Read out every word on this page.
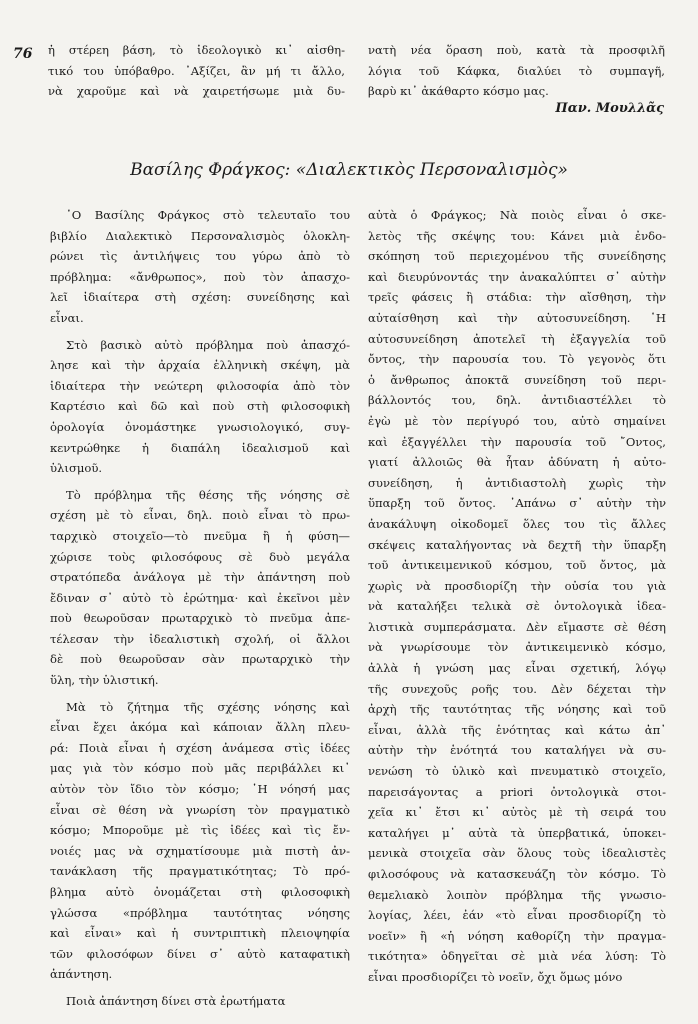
76 ἡ στέρεη βάση, τὸ ἰδεολογικὸ κι᾽ αἰσθη-
τικό του ὑπόβαθρο. ᾽Αξίζει, ἂν μή τι ἄλλο,
νὰ χαροῦμε καὶ νὰ χαιρετήσωμε μιὰ δυ-
νατὴ νέα ὅραση ποὺ, κατὰ τὰ προσφιλῆ
λόγια τοῦ Κάφκα, διαλύει τὸ συμπαγῆ,
βαρὺ κι᾽ ἀκάθαρτο κόσμο μας.
Παν. Μουλλᾶς
Βασίλης Φράγκος: «Διαλεκτικὸς Περσοναλισμὸς»

῾Ο Βασίλης Φράγκος στὸ τελευταῖο του
βιβλίο Διαλεκτικὸ Περσοναλισμὸς ὁλοκλη-
ρώνει τὶς ἀντιλήψεις του γύρω ἀπὸ τὸ
πρόβλημα: «ἄνθρωπος», ποὺ τὸν ἀπασχο-
λεῖ ἰδιαίτερα στὴ σχέση: συνείδησης καὶ
εἶναι.

Στὸ βασικὸ αὐτὸ πρόβλημα ποὺ ἀπασχό-
λησε καὶ τὴν ἀρχαία ἑλληνικὴ σκέψη, μὰ
ἰδιαίτερα τὴν νεώτερη φιλοσοφία ἀπὸ τὸν
Καρτέσιο καὶ δῶ καὶ ποὺ στὴ φιλοσοφικὴ
ὁρολογία ὀνομάστηκε γνωσιολογικό, συγ-
κεντρώθηκε ἡ διαπάλη ἰδεαλισμοῦ καὶ
ὑλισμοῦ.

Τὸ πρόβλημα τῆς θέσης τῆς νόησης σὲ
σχέση μὲ τὸ εἶναι, δηλ. ποιὸ εἶναι τὸ πρω-
ταρχικὸ στοιχεῖο—τὸ πνεῦμα ἢ ἡ φύση—
χώρισε τοὺς φιλοσόφους σὲ δυὸ μεγάλα
στρατόπεδα ἀνάλογα μὲ τὴν ἀπάντηση ποὺ
ἔδιναν σ᾽ αὐτὸ τὸ ἐρώτημα· καὶ ἐκεῖνοι μὲν
ποὺ θεωροῦσαν πρωταρχικὸ τὸ πνεῦμα ἀπε-
τέλεσαν τὴν ἰδεαλιστικὴ σχολή, οἱ ἄλλοι
δὲ ποὺ θεωροῦσαν σὰν πρωταρχικὸ τὴν
ὕλη, τὴν ὑλιστική.

Μὰ τὸ ζήτημα τῆς σχέσης νόησης καὶ
εἶναι ἔχει ἀκόμα καὶ κάποιαν ἄλλη πλευ-
ρά: Ποιὰ εἶναι ἡ σχέση ἀνάμεσα στὶς ἰδέες
μας γιὰ τὸν κόσμο ποὺ μᾶς περιβάλλει κι᾽
αὐτὸν τὸν ἴδιο τὸν κόσμο; ῾Η νόησή μας
εἶναι σὲ θέση νὰ γνωρίση τὸν πραγματικὸ
κόσμο; Μποροῦμε μὲ τὶς ἰδέες καὶ τὶς ἔν-
νοιές μας νὰ σχηματίσουμε μιὰ πιστὴ ἀν-
τανάκλαση τῆς πραγματικότητας; Τὸ πρό-
βλημα αὐτὸ ὀνομάζεται στὴ φιλοσοφικὴ
γλώσσα «πρόβλημα ταυτότητας νόησης
καὶ εἶναι» καὶ ἡ συντριπτικὴ πλειοψηφία
τῶν φιλοσόφων δίνει σ᾽ αὐτὸ καταφατικὴ
ἀπάντηση.

Ποιὰ ἀπάντηση δίνει στὰ ἐρωτήματα

αὐτὰ ὁ Φράγκος; Νὰ ποιὸς εἶναι ὁ σκε-
λετὸς τῆς σκέψης του: Κάνει μιὰ ἐνδο-
σκόπηση τοῦ περιεχομένου τῆς συνείδησης
καὶ διευρύνοντάς την ἀνακαλύπτει σ᾽ αὐτὴν
τρεῖς φάσεις ἢ στάδια: τὴν αἴσθηση, τὴν
αὐταίσθηση καὶ τὴν αὐτοσυνείδηση. ῾Η
αὐτοσυνείδηση ἀποτελεῖ τὴ ἐξαγγελία τοῦ
ὄντος, τὴν παρουσία του. Τὸ γεγονὸς ὅτι
ὁ ἄνθρωπος ἀποκτᾶ συνείδηση τοῦ περι-
βάλλοντός του, δηλ. ἀντιδιαστέλλει τὸ
ἐγὼ μὲ τὸν περίγυρό του, αὐτὸ σημαίνει
καὶ ἐξαγγέλλει τὴν παρουσία τοῦ ῎Οντος,
γιατί ἀλλοιῶς θὰ ἦταν ἀδύνατη ἡ αὐτο-
συνείδηση, ἡ ἀντιδιαστολὴ χωρὶς τὴν
ὕπαρξη τοῦ ὄντος. ᾽Απάνω σ᾽ αὐτὴν τὴν
ἀνακάλυψη οἰκοδομεῖ ὅλες του τὶς ἄλλες
σκέψεις καταλήγοντας νὰ δεχτῆ τὴν ὕπαρξη
τοῦ ἀντικειμενικοῦ κόσμου, τοῦ ὄντος, μὰ
χωρὶς νὰ προσδιορίζη τὴν οὐσία του γιὰ
νὰ καταλήξει τελικὰ σὲ ὀντολογικὰ ἰδεα-
λιστικὰ συμπεράσματα. Δὲν εἴμαστε σὲ θέση
νὰ γνωρίσουμε τὸν ἀντικειμενικὸ κόσμο,
ἀλλὰ ἡ γνώση μας εἶναι σχετική, λόγῳ
τῆς συνεχοῦς ροῆς του. Δὲν δέχεται τὴν
ἀρχὴ τῆς ταυτότητας τῆς νόησης καὶ τοῦ
εἶναι, ἀλλὰ τῆς ἑνότητας καὶ κάτω ἀπ᾽
αὐτὴν τὴν ἑνότητά του καταλήγει νὰ συ-
νενώση τὸ ὑλικὸ καὶ πνευματικὸ στοιχεῖο,
παρεισάγοντας a priori ὀντολογικὰ στοι-
χεῖα κι᾽ ἔτσι κι᾽ αὐτὸς μὲ τὴ σειρά του
καταλήγει μ᾽ αὐτὰ τὰ ὑπερβατικά, ὑποκει-
μενικὰ στοιχεῖα σὰν ὅλους τοὺς ἰδεαλιστὲς
φιλοσόφους νὰ κατασκευάζη τὸν κόσμο. Τὸ
θεμελιακὸ λοιπὸν πρόβλημα τῆς γνωσιο-
λογίας, λέει, ἐάν «τὸ εἶναι προσδιορίζη τὸ
νοεῖν» ἢ «ἡ νόηση καθορίζη τὴν πραγμα-
τικότητα» ὁδηγεῖται σὲ μιὰ νέα λύση: Τὸ
εἶναι προσδιορίζει τὸ νοεῖν, ὄχι ὅμως μόνο
